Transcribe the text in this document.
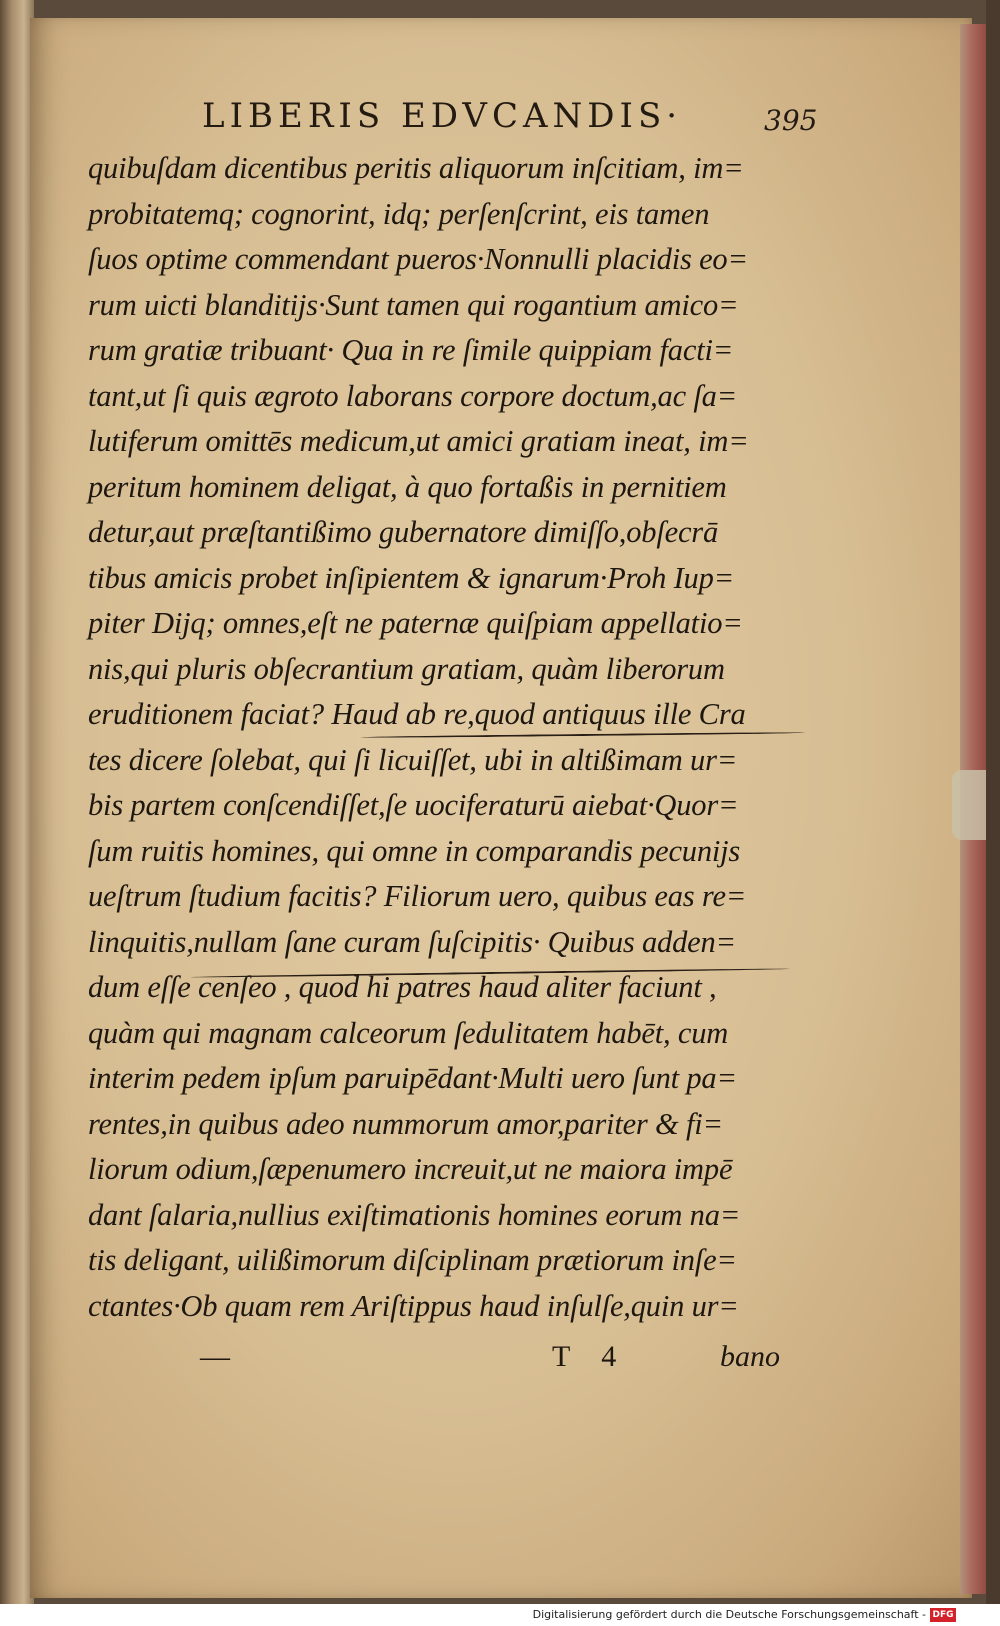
LIBERIS EDVCANDIS·	395
quibuſdam dicentibus peritis aliquorum inſcitiam, im=
probitatemq; cognorint, idq; perſenſcrint, eis tamen
ſuos optime commendant pueros·Nonnulli placidis eo=
rum uicti blanditijs·Sunt tamen qui rogantium amico=
rum gratiæ tribuant· Qua in re ſimile quippiam facti=
tant,ut ſi quis ægroto laborans corpore doctum,ac ſa=
lutiferum omittēs medicum,ut amici gratiam ineat, im=
peritum hominem deligat, à quo fortaßis in pernitiem
detur,aut præſtantißimo gubernatore dimiſſo,obſecrā
tibus amicis probet inſipientem & ignarum·Proh Iup=
piter Dijq; omnes,eſt ne paternæ quiſpiam appellatio=
nis,qui pluris obſecrantium gratiam, quàm liberorum
eruditionem faciat? Haud ab re,quod antiquus ille Cra
tes dicere ſolebat, qui ſi licuiſſet, ubi in altißimam ur=
bis partem conſcendiſſet,ſe uociferaturū aiebat·Quor=
ſum ruitis homines, qui omne in comparandis pecunijs
ueſtrum ſtudium facitis? Filiorum uero, quibus eas re=
linquitis,nullam ſane curam ſuſcipitis· Quibus adden=
dum eſſe cenſeo , quod hi patres haud aliter faciunt ,
quàm qui magnam calceorum ſedulitatem habēt, cum
interim pedem ipſum paruipēdant·Multi uero ſunt pa=
rentes,in quibus adeo nummorum amor,pariter & fi=
liorum odium,ſæpenumero increuit,ut ne maiora impē
dant ſalaria,nullius exiſtimationis homines eorum na=
tis deligant, uilißimorum diſciplinam prætiorum inſe=
ctantes·Ob quam rem Ariſtippus haud inſulſe,quin ur=
—	T 4	bano
Digitalisierung gefördert durch die Deutsche Forschungsgemeinschaft - DFG
